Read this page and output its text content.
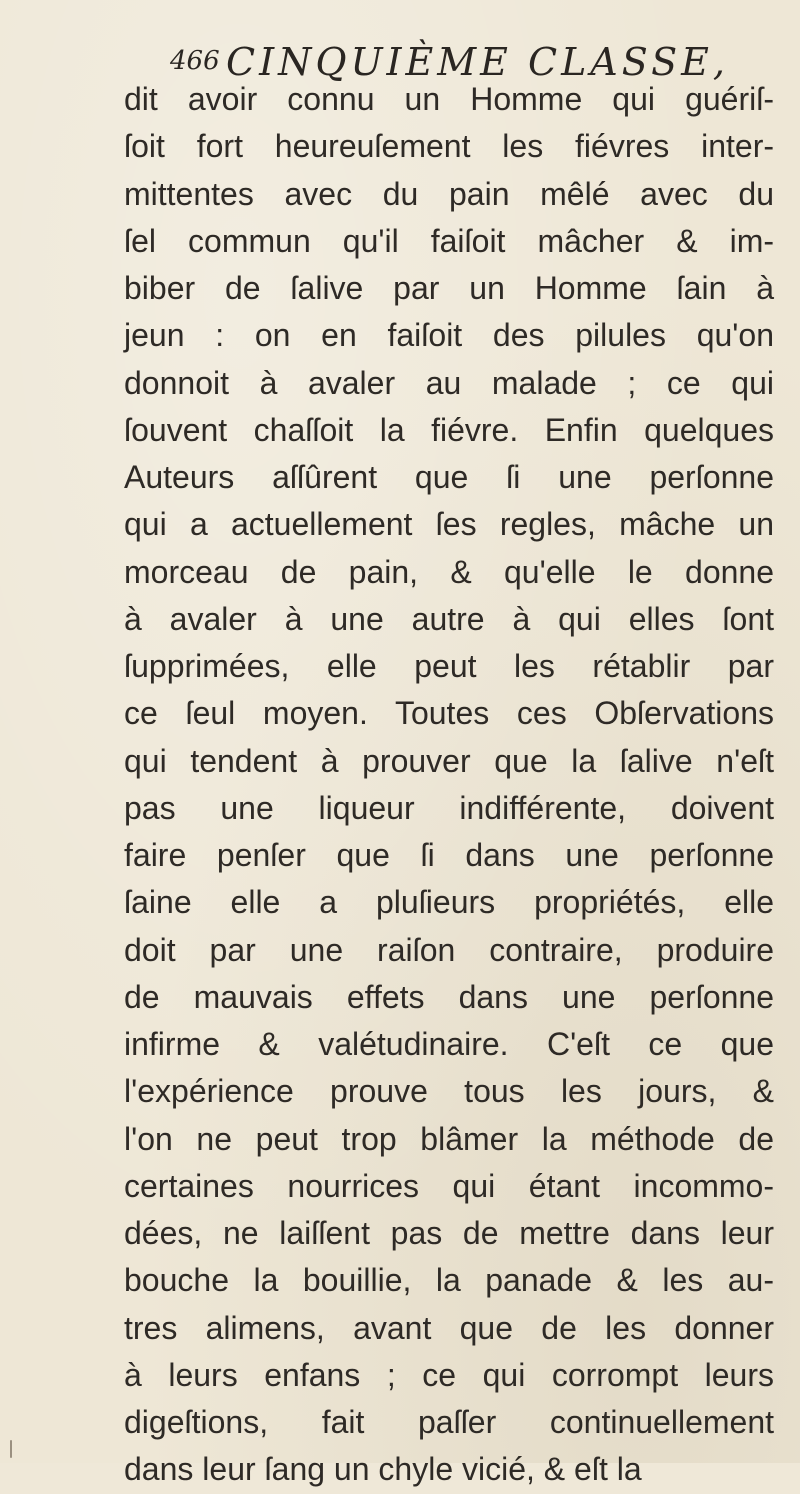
466 CINQUIÈME CLASSE,
dit avoir connu un Homme qui guériſ-
ſoit fort heureuſement les fiévres inter-
mittentes avec du pain mêlé avec du
ſel commun qu'il faiſoit mâcher & im-
biber de ſalive par un Homme ſain à
jeun : on en faiſoit des pilules qu'on
donnoit à avaler au malade ; ce qui
ſouvent chaſſoit la fiévre. Enfin quelques
Auteurs aſſûrent que ſi une perſonne
qui a actuellement ſes regles, mâche un
morceau de pain, & qu'elle le donne
à avaler à une autre à qui elles ſont
ſupprimées, elle peut les rétablir par
ce ſeul moyen. Toutes ces Obſervations
qui tendent à prouver que la ſalive n'eſt
pas une liqueur indifférente, doivent
faire penſer que ſi dans une perſonne
ſaine elle a pluſieurs propriétés, elle
doit par une raiſon contraire, produire
de mauvais effets dans une perſonne
infirme & valétudinaire. C'eſt ce que
l'expérience prouve tous les jours, &
l'on ne peut trop blâmer la méthode de
certaines nourrices qui étant incommo-
dées, ne laiſſent pas de mettre dans leur
bouche la bouillie, la panade & les au-
tres alimens, avant que de les donner
à leurs enfans ; ce qui corrompt leurs
digeſtions, fait paſſer continuellement
dans leur ſang un chyle vicié, & eſt la
